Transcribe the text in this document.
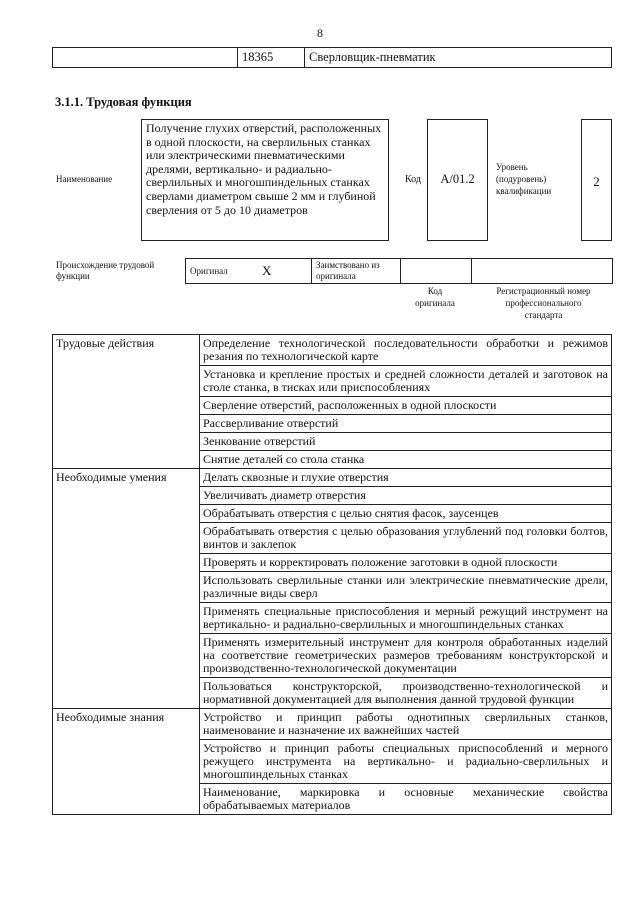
8
	18365	Сверловщик-пневматик
3.1.1. Трудовая функция
Наименование
Получение глухих отверстий, расположенных в одной плоскости, на сверлильных станках или электрическими пневматическими дрелями, вертикально- и радиально-сверлильных и многошпиндельных станках сверлами диаметром свыше 2 мм и глубиной сверления от 5 до 10 диаметров
Код	A/01.2
Уровень
(подуровень)
квалификации
2
Происхождение трудовой функции	Оригинал	X	Заимствовано из оригинала		
Код
оригинала
Регистрационный номер
профессионального
стандарта
Трудовые действия	Определение технологической последовательности обработки и режимов резания по технологической карте
	Установка и крепление простых и средней сложности деталей и заготовок на столе станка, в тисках или приспособлениях
	Сверление отверстий, расположенных в одной плоскости
	Рассверливание отверстий
	Зенкование отверстий
	Снятие деталей со стола станка
Необходимые умения	Делать сквозные и глухие отверстия
	Увеличивать диаметр отверстия
	Обрабатывать отверстия с целью снятия фасок, заусенцев
	Обрабатывать отверстия с целью образования углублений под головки болтов, винтов и заклепок
	Проверять и корректировать положение заготовки в одной плоскости
	Использовать сверлильные станки или электрические пневматические дрели, различные виды сверл
	Применять специальные приспособления и мерный режущий инструмент на вертикально- и радиально-сверлильных и многошпиндельных станках
	Применять измерительный инструмент для контроля обработанных изделий на соответствие геометрических размеров требованиям конструкторской и производственно-технологической документации
	Пользоваться конструкторской, производственно-технологической и нормативной документацией для выполнения данной трудовой функции
Необходимые знания	Устройство и принцип работы однотипных сверлильных станков, наименование и назначение их важнейших частей
	Устройство и принцип работы специальных приспособлений и мерного режущего инструмента на вертикально- и радиально-сверлильных и многошпиндельных станках
	Наименование, маркировка и основные механические свойства обрабатываемых материалов
